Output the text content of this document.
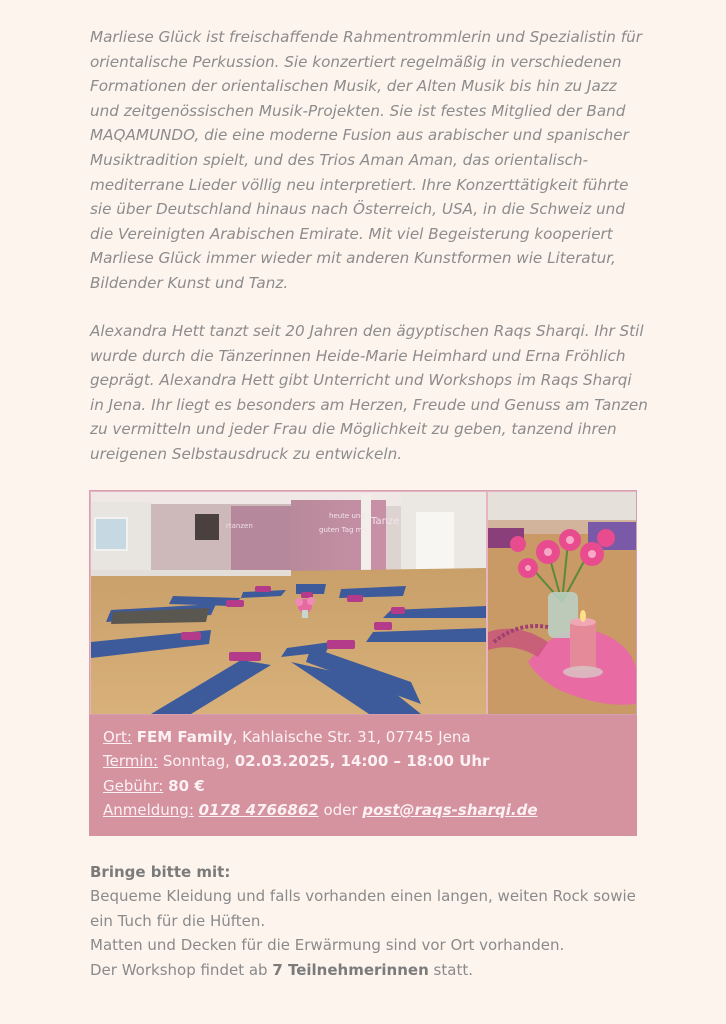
Marliese Glück ist freischaffende Rahmentrommlerin und Spezialistin für orientalische Perkussion. Sie konzertiert regelmäßig in verschiedenen Formationen der orientalischen Musik, der Alten Musik bis hin zu Jazz und zeitgenössischen Musik-Projekten. Sie ist festes Mitglied der Band MAQAMUNDO, die eine moderne Fusion aus arabischer und spanischer Musiktradition spielt, und des Trios Aman Aman, das orientalisch-mediterrane Lieder völlig neu interpretiert. Ihre Konzerttätigkeit führte sie über Deutschland hinaus nach Österreich, USA, in die Schweiz und die Vereinigten Arabischen Emirate. Mit viel Begeisterung kooperiert Marliese Glück immer wieder mit anderen Kunstformen wie Literatur, Bildender Kunst und Tanz.

Alexandra Hett tanzt seit 20 Jahren den ägyptischen Raqs Sharqi. Ihr Stil wurde durch die Tänzerinnen Heide-Marie Heimhard und Erna Fröhlich geprägt. Alexandra Hett gibt Unterricht und Workshops im Raqs Sharqi in Jena. Ihr liegt es besonders am Herzen, Freude und Genuss am Tanzen zu vermitteln und jeder Frau die Möglichkeit zu geben, tanzend ihren ureigenen Selbstausdruck zu entwickeln.

heute und
guten Tag mit
Tanze
rtanzen
Ort: FEM Family, Kahlaische Str. 31, 07745 Jena
Termin: Sonntag, 02.03.2025, 14:00 – 18:00 Uhr
Gebühr: 80 €
Anmeldung: 0178 4766862 oder post@raqs-sharqi.de
Bringe bitte mit:
Bequeme Kleidung und falls vorhanden einen langen, weiten Rock sowie ein Tuch für die Hüften.
Matten und Decken für die Erwärmung sind vor Ort vorhanden.
Der Workshop findet ab 7 Teilnehmerinnen statt.
